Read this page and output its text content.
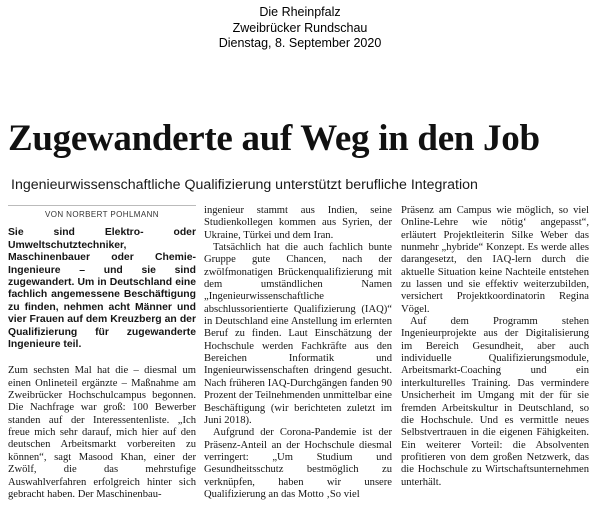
Die Rheinpfalz
Zweibrücker Rundschau
Dienstag, 8. September 2020
Zugewanderte auf Weg in den Job
Ingenieurwissenschaftliche Qualifizierung unterstützt berufliche Integration
VON NORBERT POHLMANN
Sie sind Elektro- oder Umweltschutztechniker, Maschinenbauer oder Chemie-Ingenieure – und sie sind zugewandert. Um in Deutschland eine fachlich angemessene Beschäftigung zu finden, nehmen acht Männer und vier Frauen auf dem Kreuzberg an der Qualifizierung für zugewanderte Ingenieure teil.

Zum sechsten Mal hat die – diesmal um einen Onlineteil ergänzte – Maßnahme am Zweibrücker Hochschulcampus begonnen. Die Nachfrage war groß: 100 Bewerber standen auf der Interessentenliste. „Ich freue mich sehr darauf, mich hier auf den deutschen Arbeitsmarkt vorbereiten zu können“, sagt Masood Khan, einer der Zwölf, die das mehrstufige Auswahlverfahren erfolgreich hinter sich gebracht haben. Der Maschinenbau-

ingenieur stammt aus Indien, seine Studienkollegen kommen aus Syrien, der Ukraine, Türkei und dem Iran.

Tatsächlich hat die auch fachlich bunte Gruppe gute Chancen, nach der zwölfmonatigen Brückenqualifizierung mit dem umständlichen Namen „Ingenieurwissenschaftliche abschlussorientierte Qualifizierung (IAQ)“ in Deutschland eine Anstellung im erlernten Beruf zu finden. Laut Einschätzung der Hochschule werden Fachkräfte aus den Bereichen Informatik und Ingenieurwissenschaften dringend gesucht. Nach früheren IAQ-Durchgängen fanden 90 Prozent der Teilnehmenden unmittelbar eine Beschäftigung (wir berichteten zuletzt im Juni 2018).

Aufgrund der Corona-Pandemie ist der Präsenz-Anteil an der Hochschule diesmal verringert: „Um Studium und Gesundheitsschutz bestmöglich zu verknüpfen, haben wir unsere Qualifizierung an das Motto ‚So viel

Präsenz am Campus wie möglich, so viel Online-Lehre wie nötig‘ angepasst“, erläutert Projektleiterin Silke Weber das nunmehr „hybride“ Konzept. Es werde alles darangesetzt, den IAQ-lern durch die aktuelle Situation keine Nachteile entstehen zu lassen und sie effektiv weiterzubilden, versichert Projektkoordinatorin Regina Vögel.

Auf dem Programm stehen Ingenieurprojekte aus der Digitalisierung im Bereich Gesundheit, aber auch individuelle Qualifizierungsmodule, Arbeitsmarkt-Coaching und ein interkulturelles Training. Das verminderе Unsicherheit im Umgang mit der für sie fremden Arbeitskultur in Deutschland, so die Hochschule. Und es vermittle neues Selbstvertrauen in die eigenen Fähigkeiten. Ein weiterer Vorteil: die Absolventen profitieren von dem großen Netzwerk, das die Hochschule zu Wirtschaftsunternehmen unterhält.
